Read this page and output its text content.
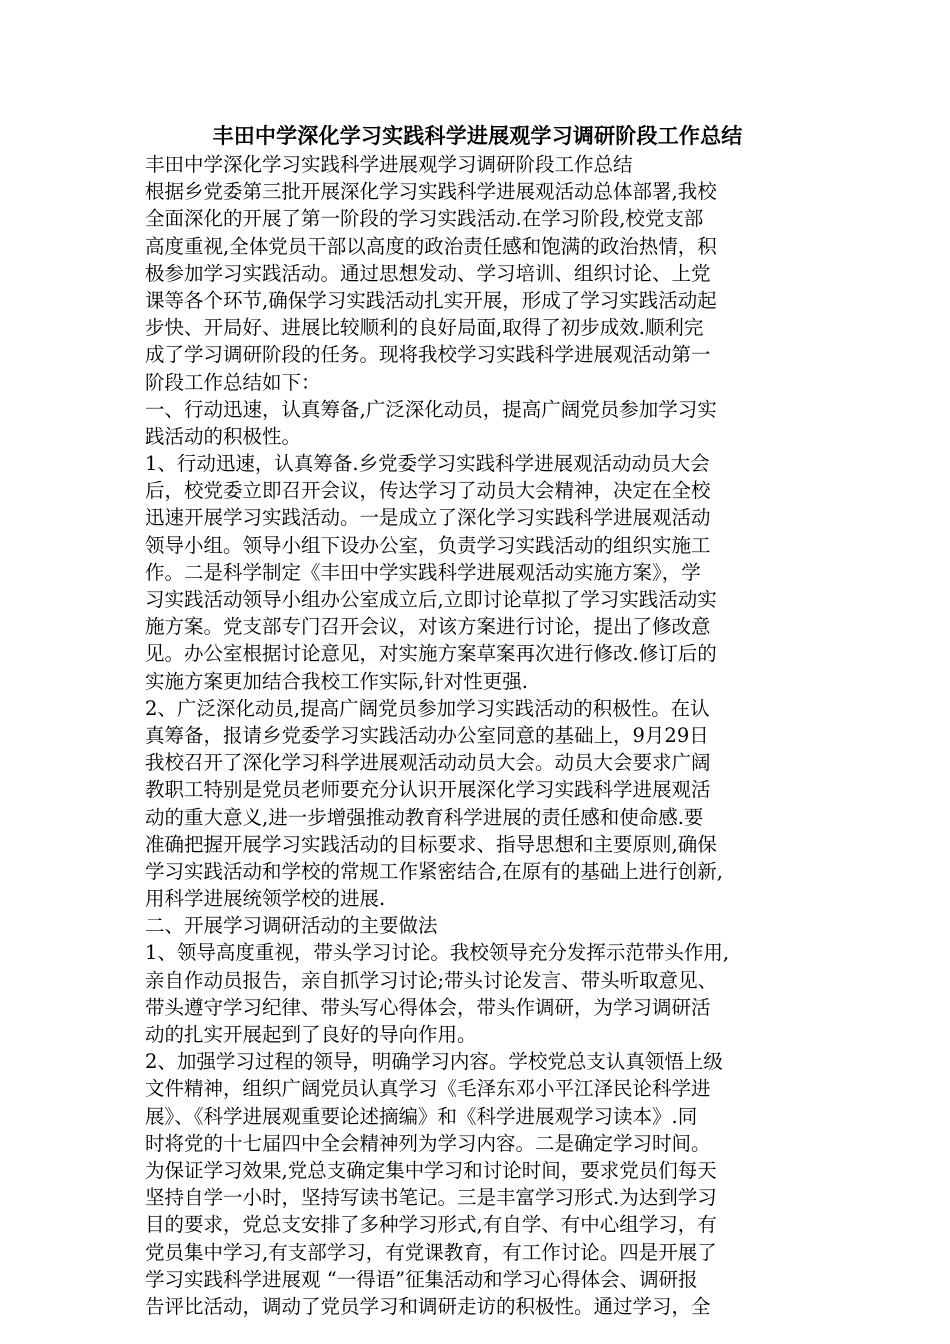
丰田中学深化学习实践科学进展观学习调研阶段工作总结

丰田中学深化学习实践科学进展观学习调研阶段工作总结

根据乡党委第三批开展深化学习实践科学进展观活动总体部署,我校

全面深化的开展了第一阶段的学习实践活动.在学习阶段,校党支部

高度重视,全体党员干部以高度的政治责任感和饱满的政治热情，积

极参加学习实践活动。通过思想发动、学习培训、组织讨论、上党

课等各个环节,确保学习实践活动扎实开展，形成了学习实践活动起

步快、开局好、进展比较顺利的良好局面,取得了初步成效.顺利完

成了学习调研阶段的任务。现将我校学习实践科学进展观活动第一

阶段工作总结如下：

一、行动迅速，认真筹备,广泛深化动员，提高广阔党员参加学习实

践活动的积极性。

1、行动迅速，认真筹备.乡党委学习实践科学进展观活动动员大会

后，校党委立即召开会议，传达学习了动员大会精神，决定在全校

迅速开展学习实践活动。一是成立了深化学习实践科学进展观活动

领导小组。领导小组下设办公室，负责学习实践活动的组织实施工

作。二是科学制定《丰田中学实践科学进展观活动实施方案》，学

习实践活动领导小组办公室成立后,立即讨论草拟了学习实践活动实

施方案。党支部专门召开会议，对该方案进行讨论，提出了修改意

见。办公室根据讨论意见，对实施方案草案再次进行修改.修订后的

实施方案更加结合我校工作实际,针对性更强.

2、广泛深化动员,提高广阔党员参加学习实践活动的积极性。在认

真筹备，报请乡党委学习实践活动办公室同意的基础上，9月29日

我校召开了深化学习科学进展观活动动员大会。动员大会要求广阔

教职工特别是党员老师要充分认识开展深化学习实践科学进展观活

动的重大意义,进一步增强推动教育科学进展的责任感和使命感.要

准确把握开展学习实践活动的目标要求、指导思想和主要原则,确保

学习实践活动和学校的常规工作紧密结合,在原有的基础上进行创新,

用科学进展统领学校的进展.

二、开展学习调研活动的主要做法

1、领导高度重视，带头学习讨论。我校领导充分发挥示范带头作用,

亲自作动员报告，亲自抓学习讨论;带头讨论发言、带头听取意见、

带头遵守学习纪律、带头写心得体会，带头作调研，为学习调研活

动的扎实开展起到了良好的导向作用。

2、加强学习过程的领导，明确学习内容。学校党总支认真领悟上级

文件精神，组织广阔党员认真学习《毛泽东邓小平江泽民论科学进

展》、《科学进展观重要论述摘编》和《科学进展观学习读本》.同

时将党的十七届四中全会精神列为学习内容。二是确定学习时间。

为保证学习效果,党总支确定集中学习和讨论时间，要求党员们每天

坚持自学一小时，坚持写读书笔记。三是丰富学习形式.为达到学习

目的要求，党总支安排了多种学习形式,有自学、有中心组学习，有

党员集中学习,有支部学习，有党课教育，有工作讨论。四是开展了

学习实践科学进展观 “一得语”征集活动和学习心得体会、调研报

告评比活动，调动了党员学习和调研走访的积极性。通过学习，全
